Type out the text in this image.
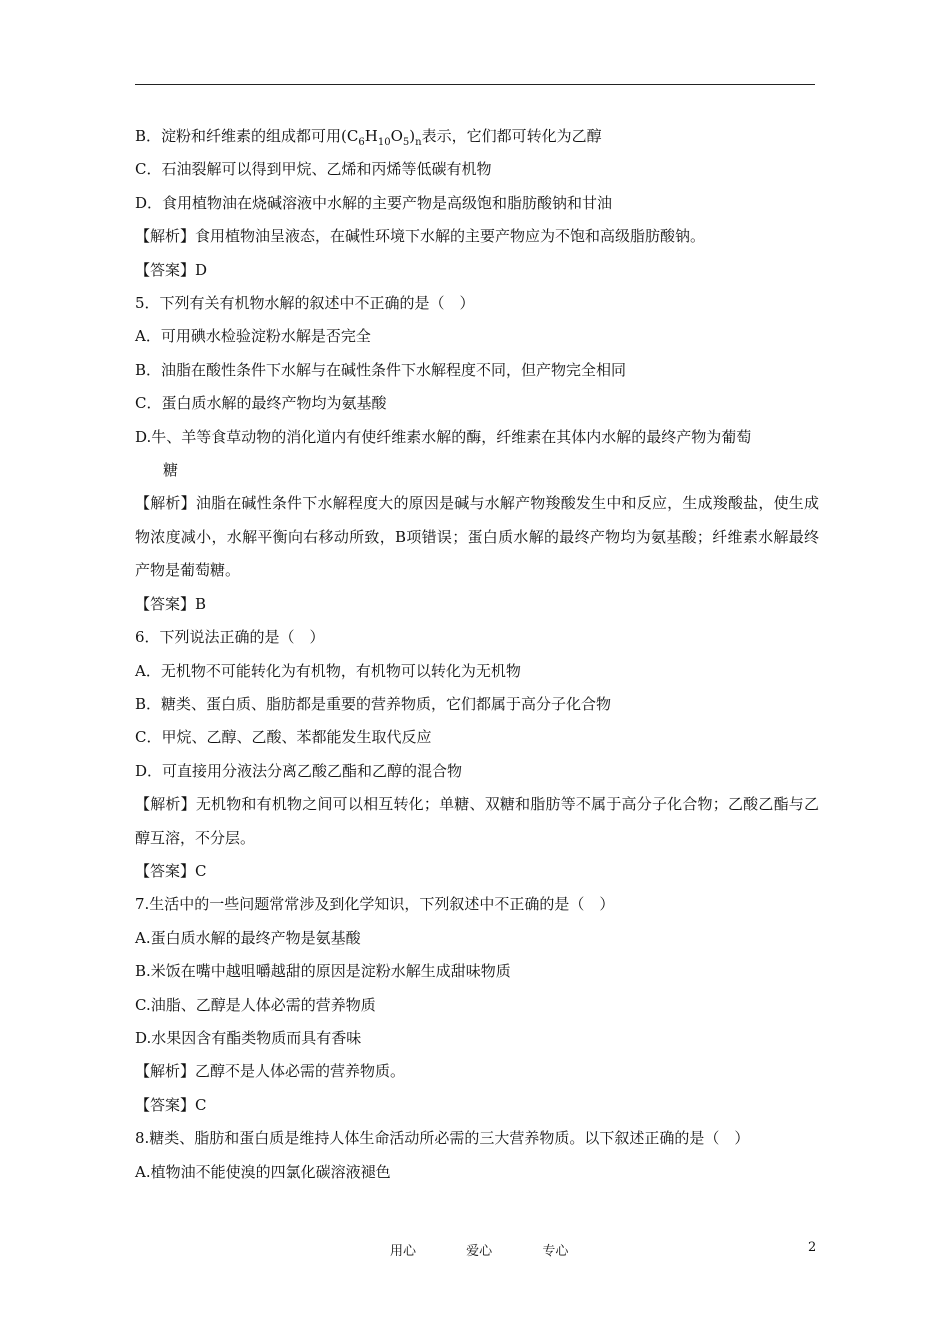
B．淀粉和纤维素的组成都可用$(C_6H_{10}O_5)_n$表示，它们都可转化为乙醇
C．石油裂解可以得到甲烷、乙烯和丙烯等低碳有机物
D．食用植物油在烧碱溶液中水解的主要产物是高级饱和脂肪酸钠和甘油
【解析】食用植物油呈液态，在碱性环境下水解的主要产物应为不饱和高级脂肪酸钠。
【答案】D
5．下列有关有机物水解的叙述中不正确的是（　）
A．可用碘水检验淀粉水解是否完全
B．油脂在酸性条件下水解与在碱性条件下水解程度不同，但产物完全相同
C．蛋白质水解的最终产物均为氨基酸
D.牛、羊等食草动物的消化道内有使纤维素水解的酶，纤维素在其体内水解的最终产物为葡萄
糖
【解析】油脂在碱性条件下水解程度大的原因是碱与水解产物羧酸发生中和反应，生成羧酸盐，使生成物浓度减小，水解平衡向右移动所致，B项错误；蛋白质水解的最终产物均为氨基酸；纤维素水解最终产物是葡萄糖。
【答案】B
6．下列说法正确的是（　）
A．无机物不可能转化为有机物，有机物可以转化为无机物
B．糖类、蛋白质、脂肪都是重要的营养物质，它们都属于高分子化合物
C．甲烷、乙醇、乙酸、苯都能发生取代反应
D．可直接用分液法分离乙酸乙酯和乙醇的混合物
【解析】无机物和有机物之间可以相互转化；单糖、双糖和脂肪等不属于高分子化合物；乙酸乙酯与乙醇互溶，不分层。
【答案】C
7.生活中的一些问题常常涉及到化学知识，下列叙述中不正确的是（　）
A.蛋白质水解的最终产物是氨基酸
B.米饭在嘴中越咀嚼越甜的原因是淀粉水解生成甜味物质
C.油脂、乙醇是人体必需的营养物质
D.水果因含有酯类物质而具有香味
【解析】乙醇不是人体必需的营养物质。
【答案】C
8.糖类、脂肪和蛋白质是维持人体生命活动所必需的三大营养物质。以下叙述正确的是（　）
A.植物油不能使溴的四氯化碳溶液褪色
用心	爱心	专心	2
